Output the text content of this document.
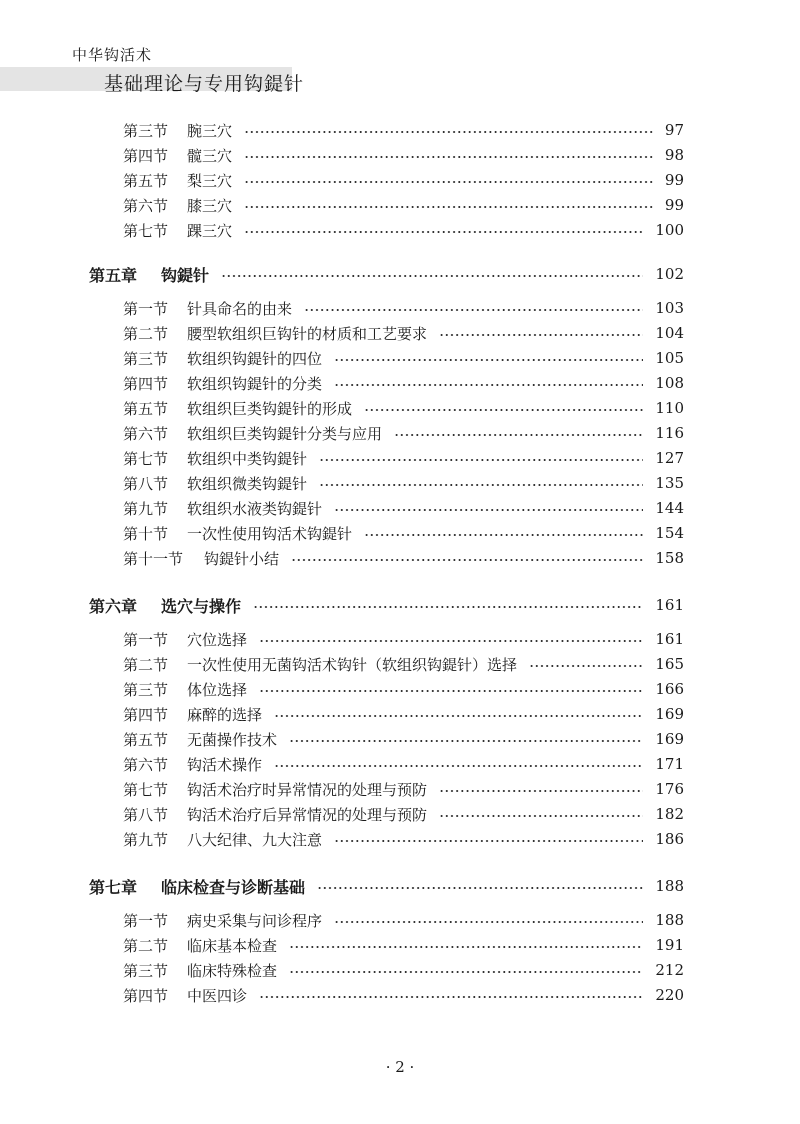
中华钩活术
基础理论与专用钩鍉针
第三节 腕三穴	97
第四节 髋三穴	98
第五节 梨三穴	99
第六节 膝三穴	99
第七节 踝三穴	100
第五章 钩鍉针	102
第一节 针具命名的由来	103
第二节 腰型软组织巨钩针的材质和工艺要求	104
第三节 软组织钩鍉针的四位	105
第四节 软组织钩鍉针的分类	108
第五节 软组织巨类钩鍉针的形成	110
第六节 软组织巨类钩鍉针分类与应用	116
第七节 软组织中类钩鍉针	127
第八节 软组织微类钩鍉针	135
第九节 软组织水液类钩鍉针	144
第十节 一次性使用钩活术钩鍉针	154
第十一节 钩鍉针小结	158
第六章 选穴与操作	161
第一节 穴位选择	161
第二节 一次性使用无菌钩活术钩针（软组织钩鍉针）选择	165
第三节 体位选择	166
第四节 麻醉的选择	169
第五节 无菌操作技术	169
第六节 钩活术操作	171
第七节 钩活术治疗时异常情况的处理与预防	176
第八节 钩活术治疗后异常情况的处理与预防	182
第九节 八大纪律、九大注意	186
第七章 临床检查与诊断基础	188
第一节 病史采集与问诊程序	188
第二节 临床基本检查	191
第三节 临床特殊检查	212
第四节 中医四诊	220
· 2 ·
